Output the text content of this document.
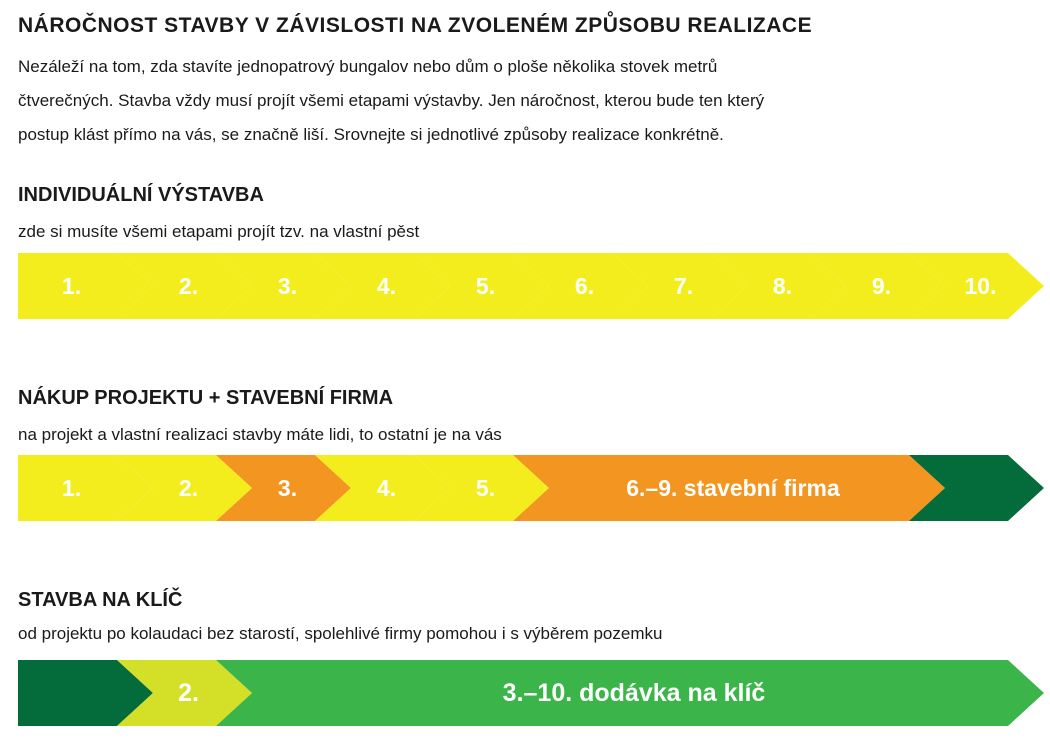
NÁROČNOST STAVBY V ZÁVISLOSTI NA ZVOLENÉM ZPŮSOBU REALIZACE

Nezáleží na tom, zda stavíte jednopatrový bungalov nebo dům o ploše několika stovek metrů
čtverečných. Stavba vždy musí projít všemi etapami výstavby. Jen náročnost, kterou bude ten který
postup klást přímo na vás, se značně liší. Srovnejte si jednotlivé způsoby realizace konkrétně.

INDIVIDUÁLNÍ VÝSTAVBA

zde si musíte všemi etapami projít tzv. na vlastní pěst

1.	2.	3.	4.	5.	6.	7.	8.	9.	10.
NÁKUP PROJEKTU + STAVEBNÍ FIRMA

na projekt a vlastní realizaci stavby máte lidi, to ostatní je na vás

1.	2.	3.	4.	5.	6.–9. stavební firma
STAVBA NA KLÍČ

od projektu po kolaudaci bez starostí, spolehlivé firmy pomohou i s výběrem pozemku

2.	3.–10. dodávka na klíč
